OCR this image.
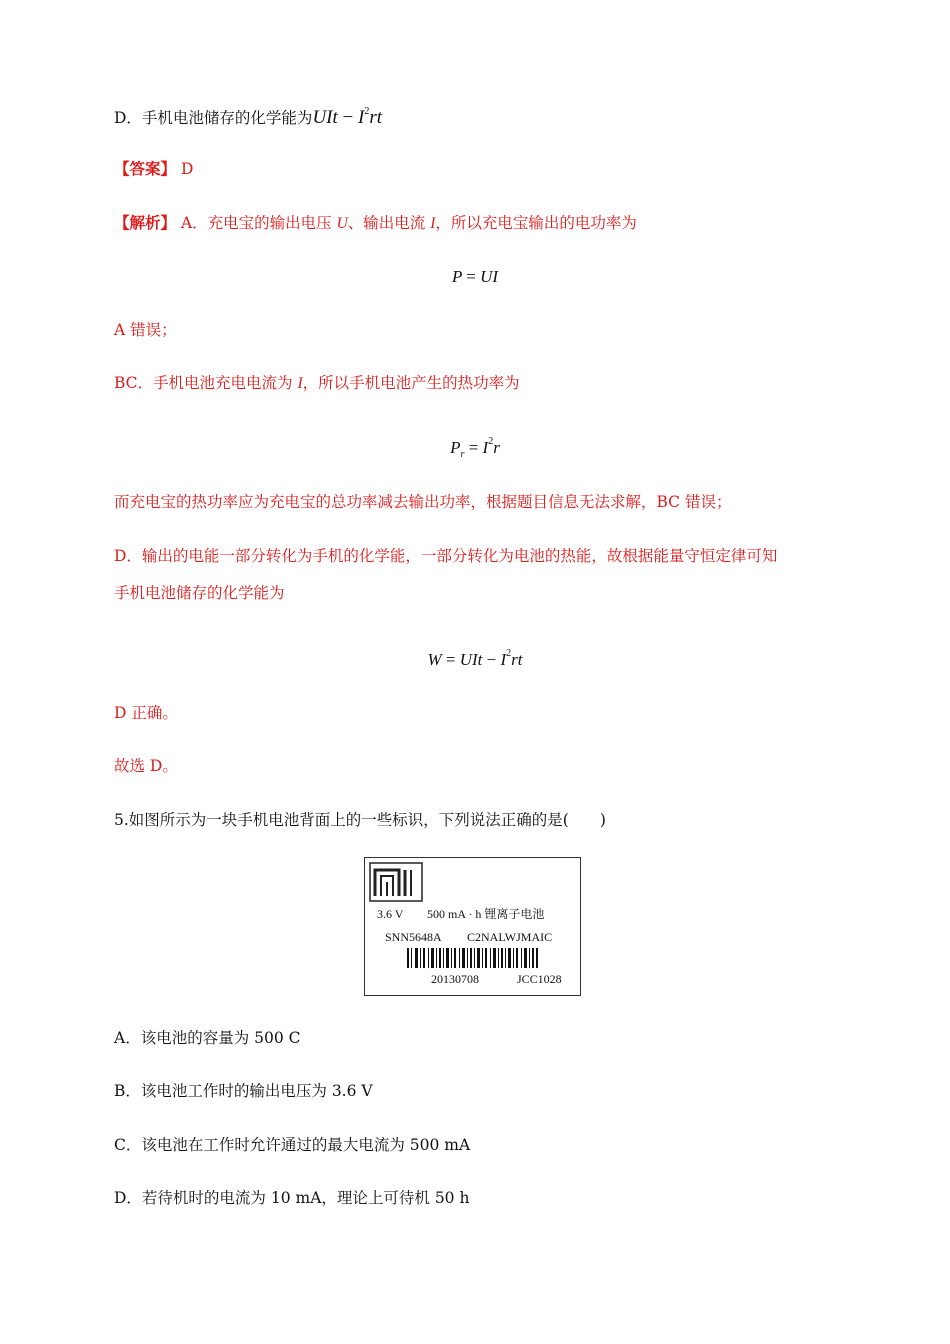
D．手机电池储存的化学能为UIt − $I^2rt$
【答案】 D
【解析】 A．充电宝的输出电压 U、输出电流 I，所以充电宝输出的电功率为
P = UI
A 错误；
BC．手机电池充电电流为 I，所以手机电池产生的热功率为
$P_r = I^2r$
而充电宝的热功率应为充电宝的总功率减去输出功率，根据题目信息无法求解，BC 错误；
D．输出的电能一部分转化为手机的化学能，一部分转化为电池的热能，故根据能量守恒定律可知
手机电池储存的化学能为
W = UIt − $I^2rt$
D 正确。
故选 D。
5.如图所示为一块手机电池背面上的一些标识，下列说法正确的是(　　)
3.6 V 500 mA · h 锂离子电池
SNN5648A C2NALWJMAIC
20130708	JCC1028
A．该电池的容量为 500 C
B．该电池工作时的输出电压为 3.6 V
C．该电池在工作时允许通过的最大电流为 500 mA
D．若待机时的电流为 10 mA，理论上可待机 50 h
